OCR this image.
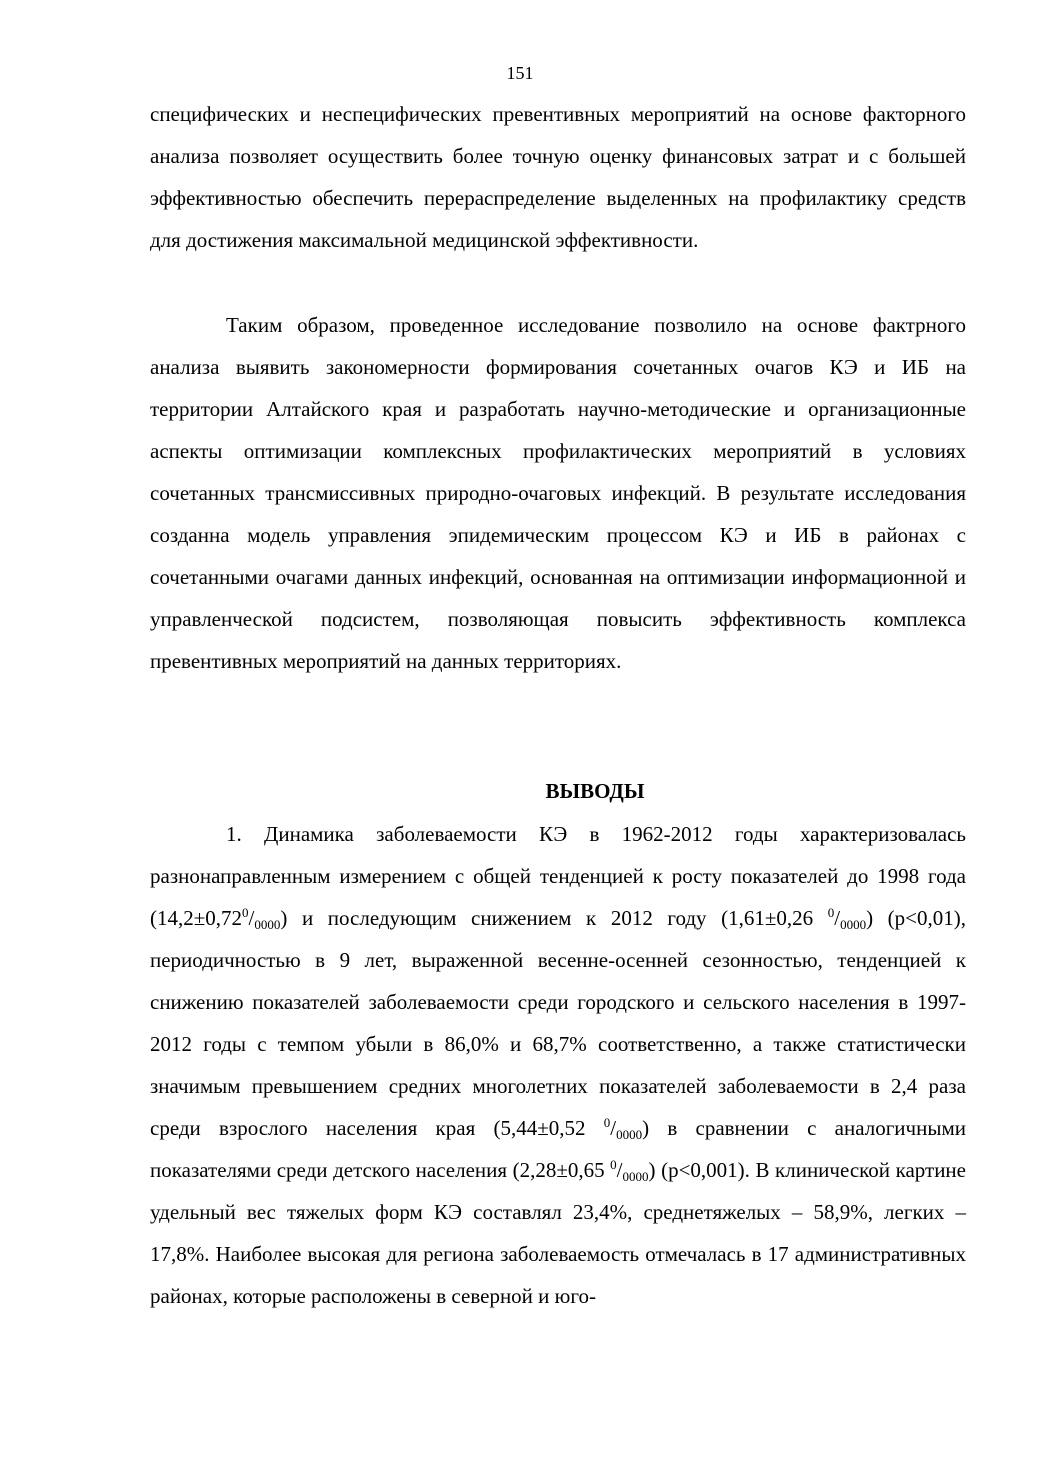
151

специфических и неспецифических превентивных мероприятий на основе факторного анализа позволяет осуществить более точную оценку финансовых затрат и с большей эффективностью обеспечить перераспределение выделенных на профилактику средств для достижения максимальной медицинской эффективности.

Таким образом, проведенное исследование позволило на основе фактрного анализа выявить закономерности формирования сочетанных очагов КЭ и ИБ на территории Алтайского края и разработать научно-методические и организационные аспекты оптимизации комплексных профилактических мероприятий в условиях сочетанных трансмиссивных природно-очаговых инфекций. В результате исследования созданна модель управления эпидемическим процессом КЭ и ИБ в районах с сочетанными очагами данных инфекций, основанная на оптимизации информационной и управленческой подсистем, позволяющая повысить эффективность комплекса превентивных мероприятий на данных территориях.

ВЫВОДЫ

1. Динамика заболеваемости КЭ в 1962-2012 годы характеризовалась разнонаправленным измерением с общей тенденцией к росту показателей до 1998 года $(14,2\pm 0,72^0/_{0000})$ и последующим снижением к 2012 году (1,61±0,26 $^0/_{0000}$) (p<0,01), периодичностью в 9 лет, выраженной весенне-осенней сезонностью, тенденцией к снижению показателей заболеваемости среди городского и сельского населения в 1997-2012 годы с темпом убыли в 86,0% и 68,7% соответственно, а также статистически значимым превышением средних многолетних показателей заболеваемости в 2,4 раза среди взрослого населения края (5,44±0,52 $^0/_{0000}$) в сравнении с аналогичными показателями среди детского населения (2,28±0,65 $^0/_{0000}$) (p<0,001). В клинической картине удельный вес тяжелых форм КЭ составлял 23,4%, среднетяжелых – 58,9%, легких – 17,8%. Наиболее высокая для региона заболеваемость отмечалась в 17 административных районах, которые расположены в северной и юго-
